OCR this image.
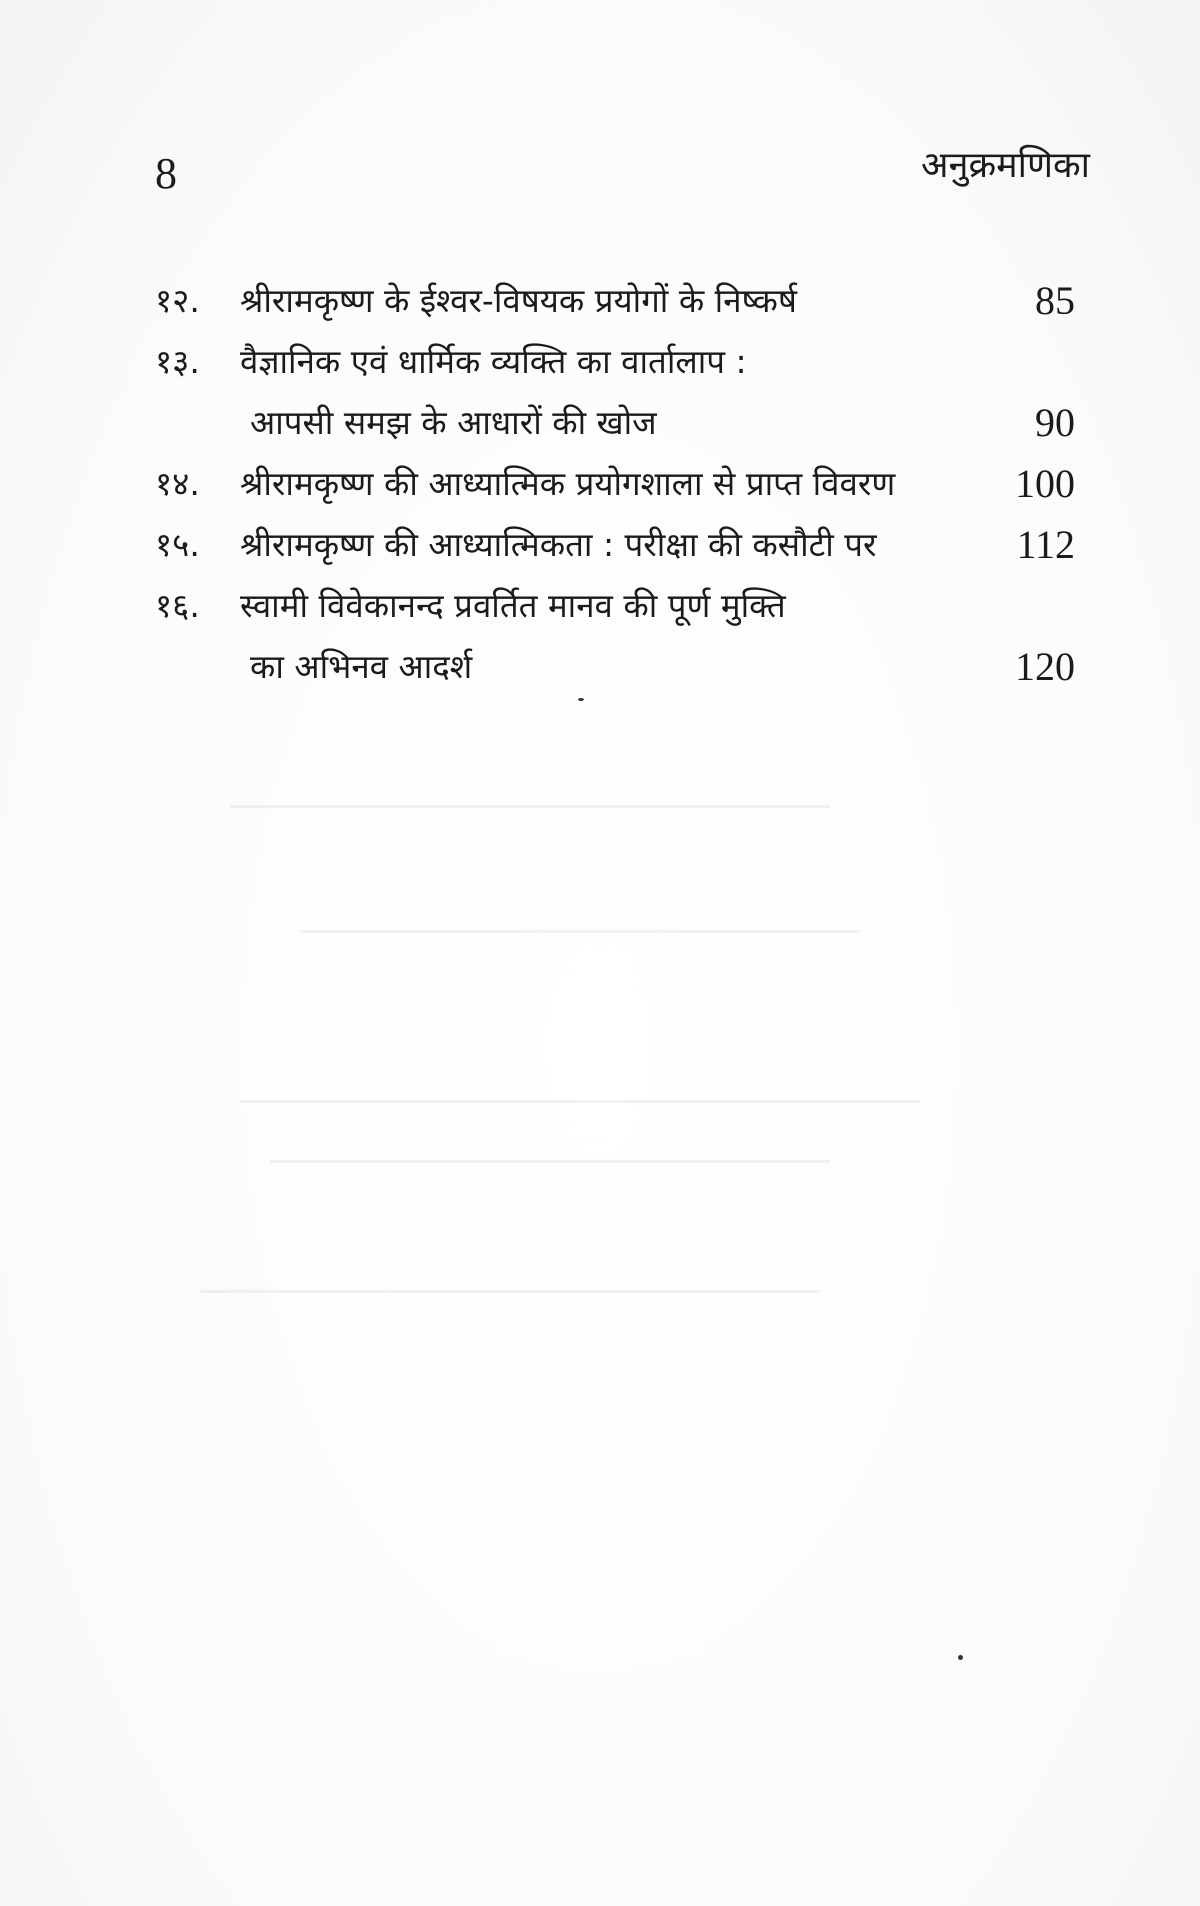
8	अनुक्रमणिका
१२. श्रीरामकृष्ण के ईश्वर-विषयक प्रयोगों के निष्कर्ष	85
१३. वैज्ञानिक एवं धार्मिक व्यक्ति का वार्तालाप :
आपसी समझ के आधारों की खोज	90
१४. श्रीरामकृष्ण की आध्यात्मिक प्रयोगशाला से प्राप्त विवरण	100
१५. श्रीरामकृष्ण की आध्यात्मिकता : परीक्षा की कसौटी पर	112
१६. स्वामी विवेकानन्द प्रवर्तित मानव की पूर्ण मुक्ति
का अभिनव आदर्श	120
